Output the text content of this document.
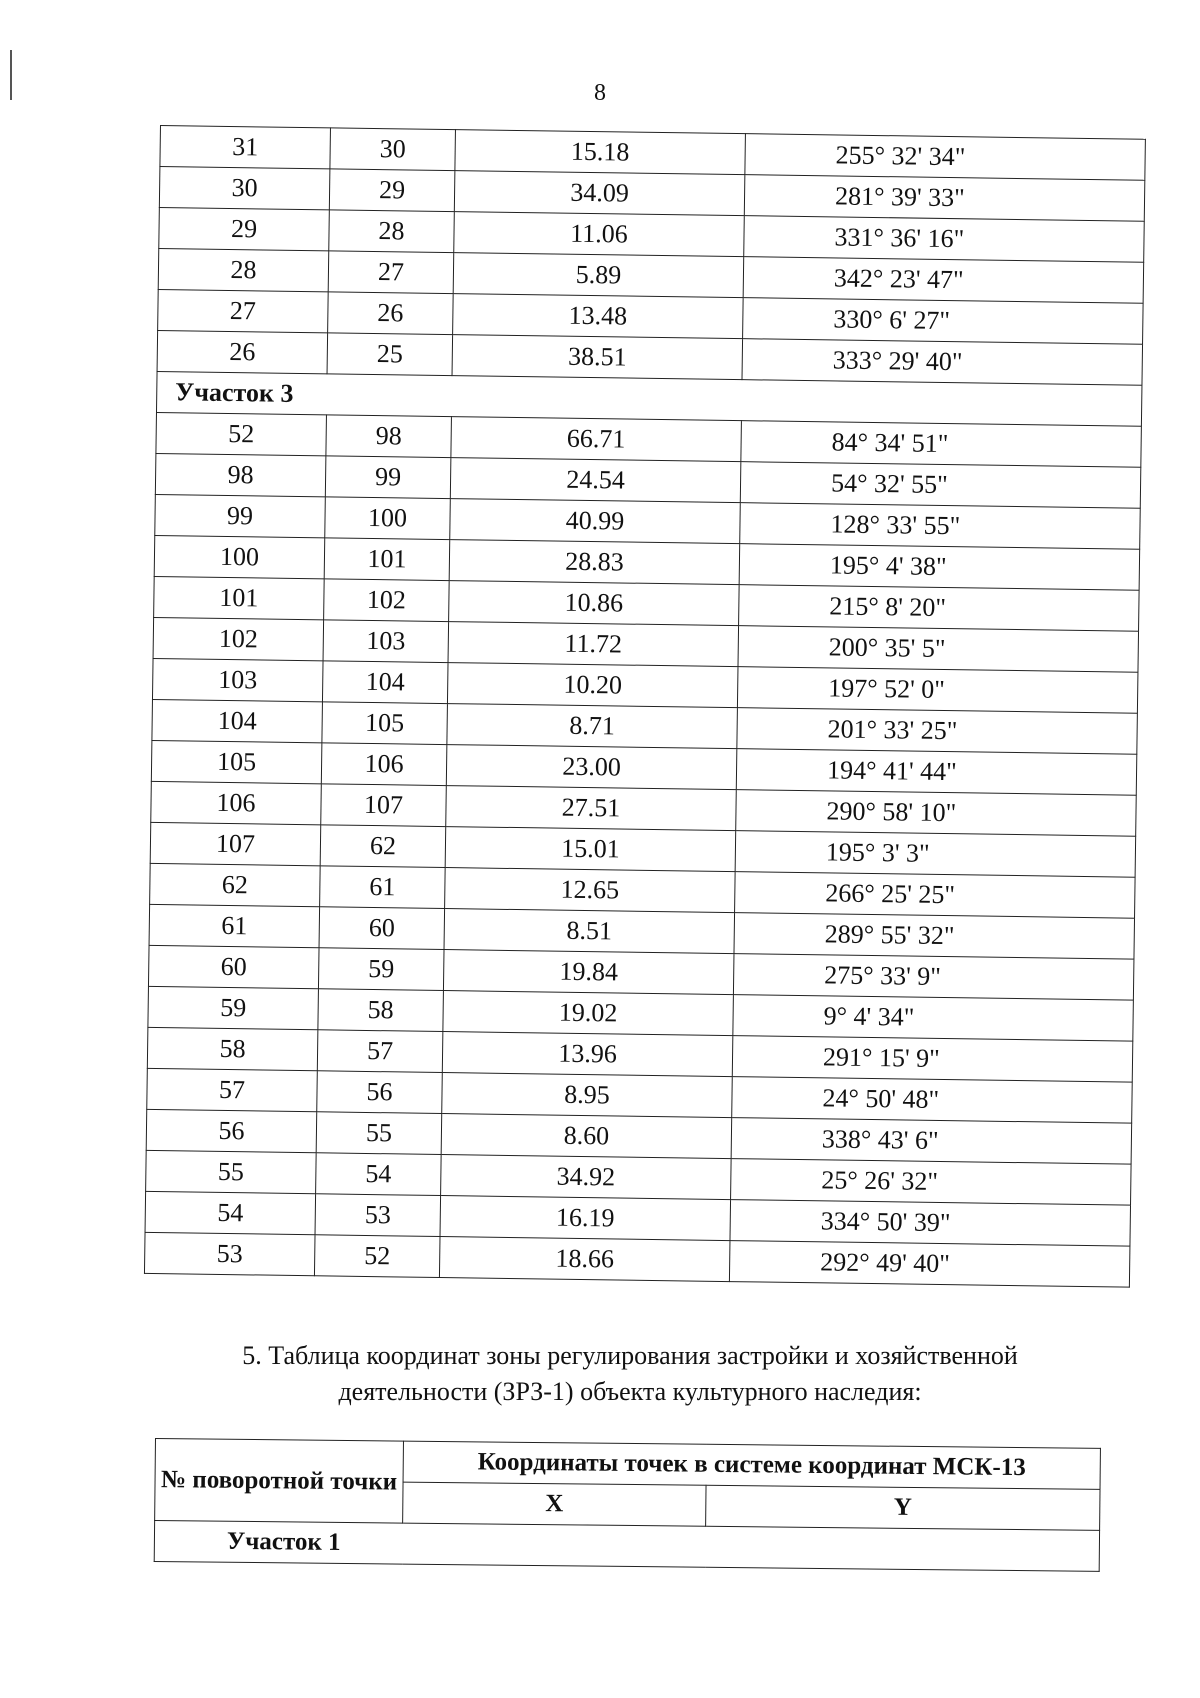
8
31	30	15.18	255° 32' 34"
30	29	34.09	281° 39' 33"
29	28	11.06	331° 36' 16"
28	27	5.89	342° 23' 47"
27	26	13.48	330° 6' 27"
26	25	38.51	333° 29' 40"
Участок 3			
52	98	66.71	84° 34' 51"
98	99	24.54	54° 32' 55"
99	100	40.99	128° 33' 55"
100	101	28.83	195° 4' 38"
101	102	10.86	215° 8' 20"
102	103	11.72	200° 35' 5"
103	104	10.20	197° 52' 0"
104	105	8.71	201° 33' 25"
105	106	23.00	194° 41' 44"
106	107	27.51	290° 58' 10"
107	62	15.01	195° 3' 3"
62	61	12.65	266° 25' 25"
61	60	8.51	289° 55' 32"
60	59	19.84	275° 33' 9"
59	58	19.02	9° 4' 34"
58	57	13.96	291° 15' 9"
57	56	8.95	24° 50' 48"
56	55	8.60	338° 43' 6"
55	54	34.92	25° 26' 32"
54	53	16.19	334° 50' 39"
53	52	18.66	292° 49' 40"
5. Таблица координат зоны регулирования застройки и хозяйственной
деятельности (ЗРЗ-1) объекта культурного наследия:
№ поворотной точки	Координаты точек в системе координат МСК-13	
	X	Y
Участок 1		
